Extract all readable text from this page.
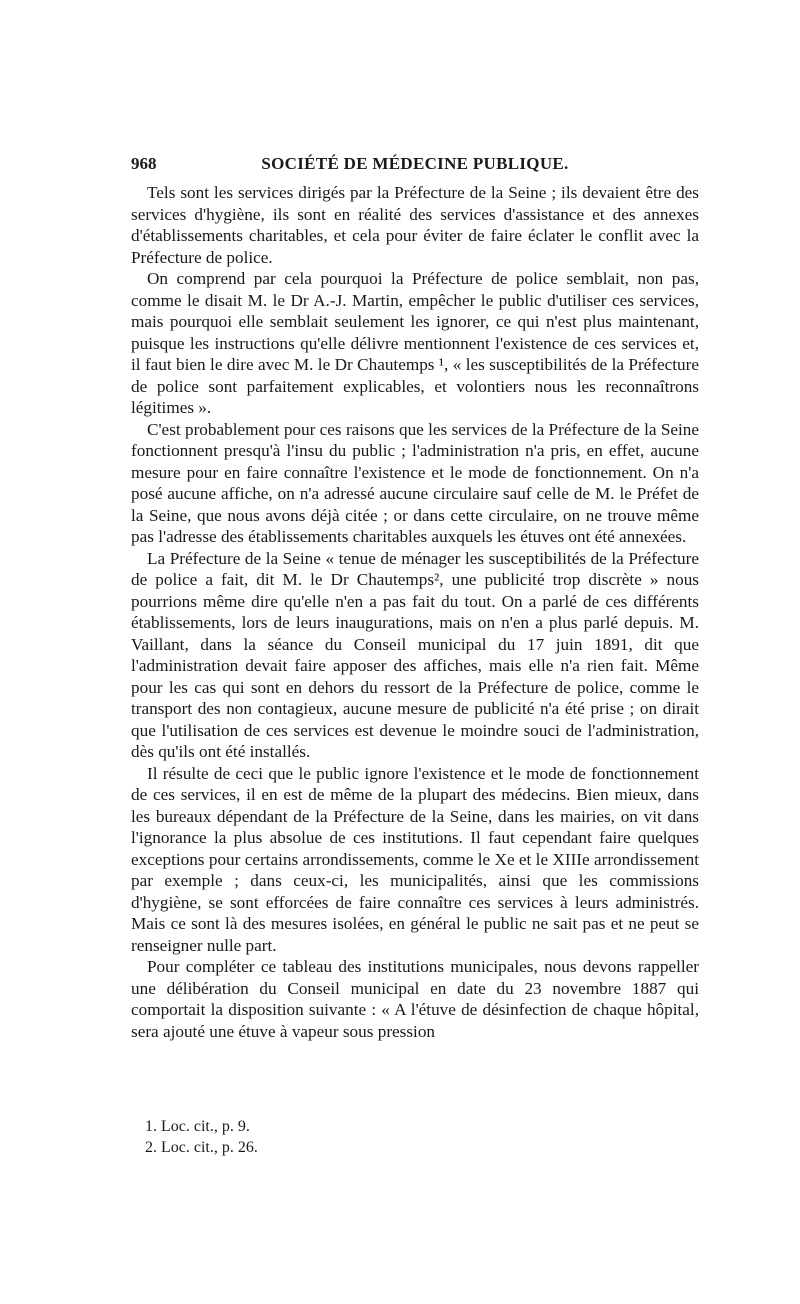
968	SOCIÉTÉ DE MÉDECINE PUBLIQUE.

Tels sont les services dirigés par la Préfecture de la Seine ; ils devaient être des services d'hygiène, ils sont en réalité des services d'assistance et des annexes d'établissements charitables, et cela pour éviter de faire éclater le conflit avec la Préfecture de police.

On comprend par cela pourquoi la Préfecture de police semblait, non pas, comme le disait M. le Dr A.-J. Martin, empêcher le public d'utiliser ces services, mais pourquoi elle semblait seulement les ignorer, ce qui n'est plus maintenant, puisque les instructions qu'elle délivre mentionnent l'existence de ces services et, il faut bien le dire avec M. le Dr Chautemps ¹, « les susceptibilités de la Préfecture de police sont parfaitement explicables, et volontiers nous les reconnaîtrons légitimes ».

C'est probablement pour ces raisons que les services de la Préfecture de la Seine fonctionnent presqu'à l'insu du public ; l'administration n'a pris, en effet, aucune mesure pour en faire connaître l'existence et le mode de fonctionnement. On n'a posé aucune affiche, on n'a adressé aucune circulaire sauf celle de M. le Préfet de la Seine, que nous avons déjà citée ; or dans cette circulaire, on ne trouve même pas l'adresse des établissements charitables auxquels les étuves ont été annexées.

La Préfecture de la Seine « tenue de ménager les susceptibilités de la Préfecture de police a fait, dit M. le Dr Chautemps², une publicité trop discrète » nous pourrions même dire qu'elle n'en a pas fait du tout. On a parlé de ces différents établissements, lors de leurs inaugurations, mais on n'en a plus parlé depuis. M. Vaillant, dans la séance du Conseil municipal du 17 juin 1891, dit que l'administration devait faire apposer des affiches, mais elle n'a rien fait. Même pour les cas qui sont en dehors du ressort de la Préfecture de police, comme le transport des non contagieux, aucune mesure de publicité n'a été prise ; on dirait que l'utilisation de ces services est devenue le moindre souci de l'administration, dès qu'ils ont été installés.

Il résulte de ceci que le public ignore l'existence et le mode de fonctionnement de ces services, il en est de même de la plupart des médecins. Bien mieux, dans les bureaux dépendant de la Préfecture de la Seine, dans les mairies, on vit dans l'ignorance la plus absolue de ces institutions. Il faut cependant faire quelques exceptions pour certains arrondissements, comme le Xe et le XIIIe arrondissement par exemple ; dans ceux-ci, les municipalités, ainsi que les commissions d'hygiène, se sont efforcées de faire connaître ces services à leurs administrés. Mais ce sont là des mesures isolées, en général le public ne sait pas et ne peut se renseigner nulle part.

Pour compléter ce tableau des institutions municipales, nous devons rappeller une délibération du Conseil municipal en date du 23 novembre 1887 qui comportait la disposition suivante : « A l'étuve de désinfection de chaque hôpital, sera ajouté une étuve à vapeur sous pression

1. Loc. cit., p. 9.

2. Loc. cit., p. 26.
